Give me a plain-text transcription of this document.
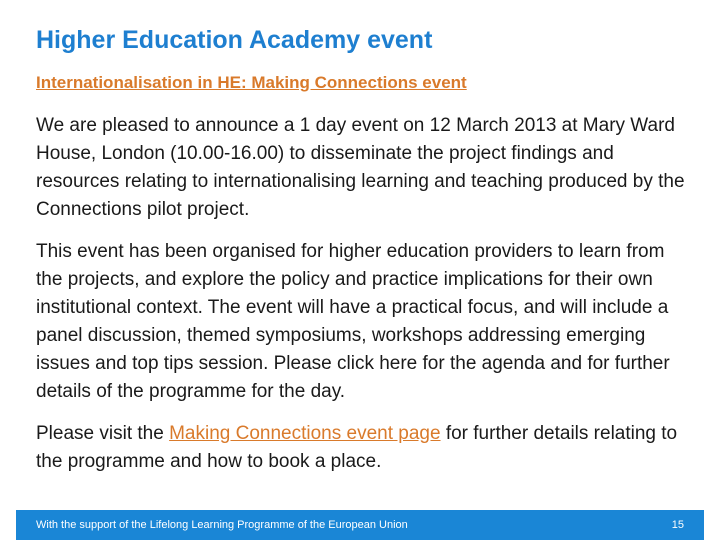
Higher Education Academy event
Internationalisation in HE: Making Connections event

We are pleased to announce a 1 day event on 12 March 2013 at Mary Ward House, London (10.00-16.00) to disseminate the project findings and resources relating to internationalising learning and teaching produced by the Connections pilot project.

This event has been organised for higher education providers to learn from the projects, and explore the policy and practice implications for their own institutional context. The event will have a practical focus, and will include a panel discussion, themed symposiums, workshops addressing emerging issues and top tips session. Please click here for the agenda and for further details of the programme for the day.

Please visit the Making Connections event page for further details relating to the programme and how to book a place.

With the support of the Lifelong Learning Programme of the European Union	15
